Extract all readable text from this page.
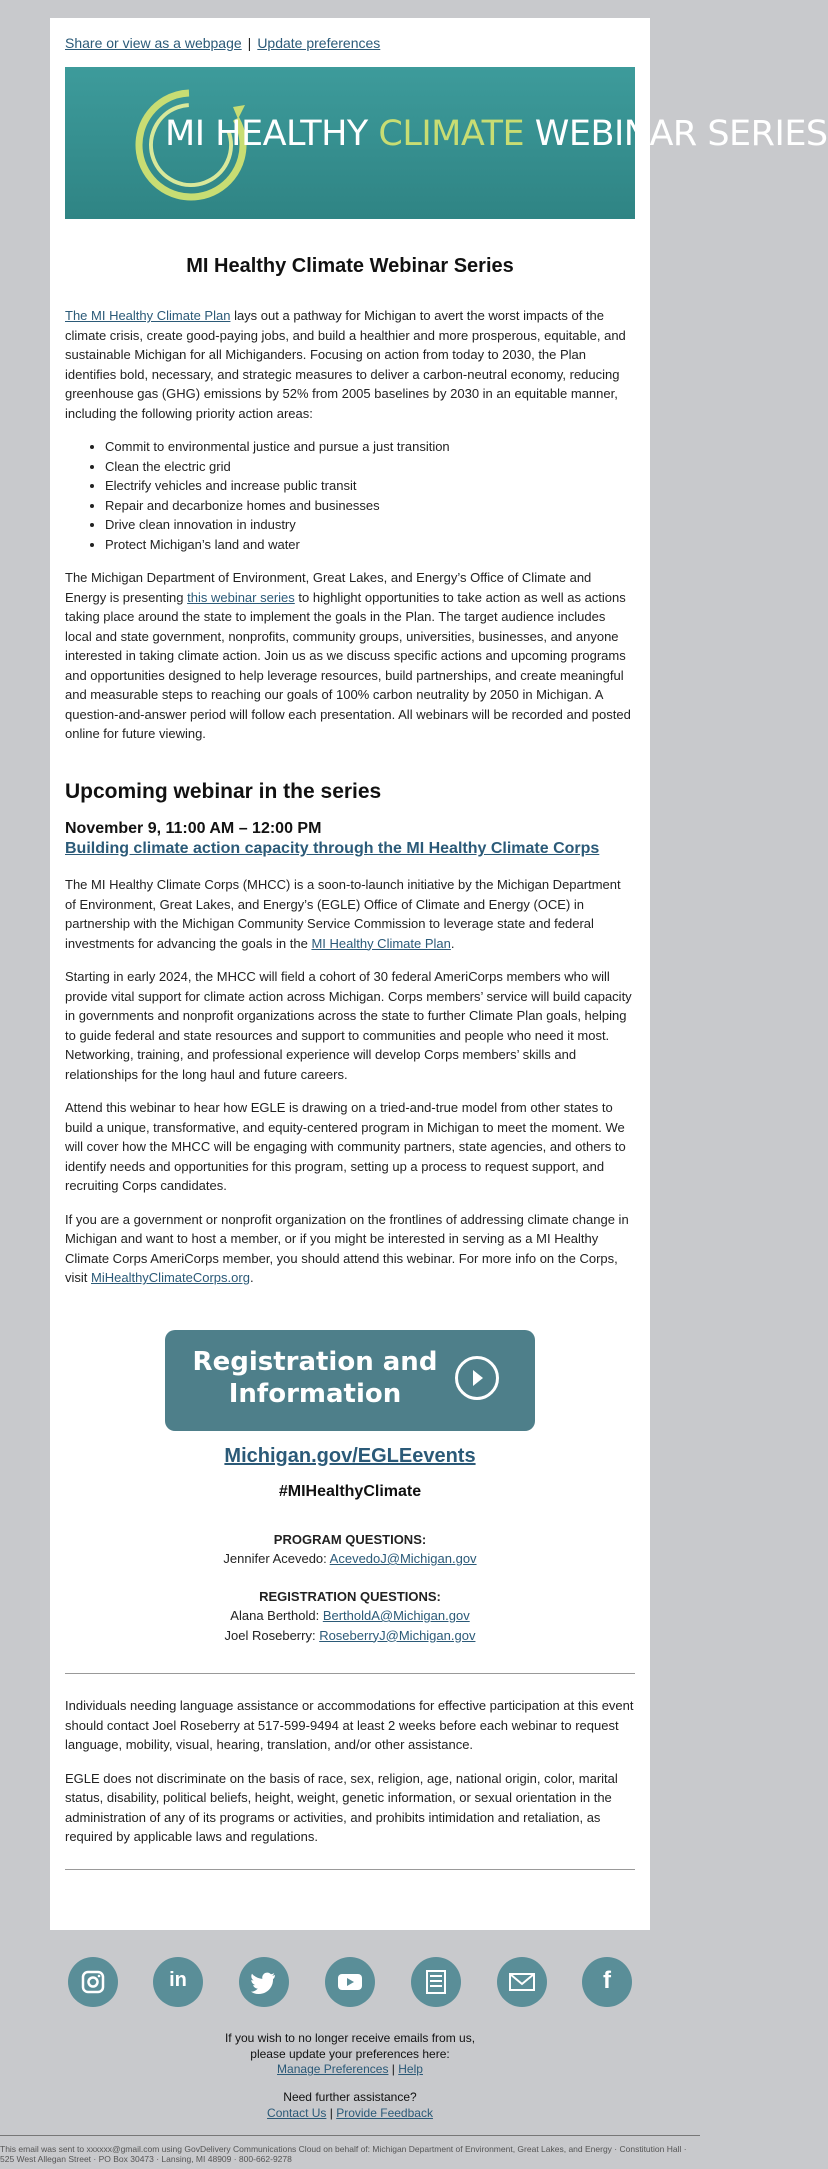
Share or view as a webpage | Update preferences
MI HEALTHY CLIMATE WEBINAR SERIES
MI Healthy Climate Webinar Series

The MI Healthy Climate Plan lays out a pathway for Michigan to avert the worst impacts of the climate crisis, create good-paying jobs, and build a healthier and more prosperous, equitable, and sustainable Michigan for all Michiganders. Focusing on action from today to 2030, the Plan identifies bold, necessary, and strategic measures to deliver a carbon-neutral economy, reducing greenhouse gas (GHG) emissions by 52% from 2005 baselines by 2030 in an equitable manner, including the following priority action areas:

• Commit to environmental justice and pursue a just transition
• Clean the electric grid
• Electrify vehicles and increase public transit
• Repair and decarbonize homes and businesses
• Drive clean innovation in industry
• Protect Michigan’s land and water

The Michigan Department of Environment, Great Lakes, and Energy’s Office of Climate and Energy is presenting this webinar series to highlight opportunities to take action as well as actions taking place around the state to implement the goals in the Plan. The target audience includes local and state government, nonprofits, community groups, universities, businesses, and anyone interested in taking climate action. Join us as we discuss specific actions and upcoming programs and opportunities designed to help leverage resources, build partnerships, and create meaningful and measurable steps to reaching our goals of 100% carbon neutrality by 2050 in Michigan. A question-and-answer period will follow each presentation. All webinars will be recorded and posted online for future viewing.

Upcoming webinar in the series
November 9, 11:00 AM – 12:00 PM
Building climate action capacity through the MI Healthy Climate Corps

The MI Healthy Climate Corps (MHCC) is a soon-to-launch initiative by the Michigan Department of Environment, Great Lakes, and Energy’s (EGLE) Office of Climate and Energy (OCE) in partnership with the Michigan Community Service Commission to leverage state and federal investments for advancing the goals in the MI Healthy Climate Plan.

Starting in early 2024, the MHCC will field a cohort of 30 federal AmeriCorps members who will provide vital support for climate action across Michigan. Corps members’ service will build capacity in governments and nonprofit organizations across the state to further Climate Plan goals, helping to guide federal and state resources and support to communities and people who need it most. Networking, training, and professional experience will develop Corps members’ skills and relationships for the long haul and future careers.

Attend this webinar to hear how EGLE is drawing on a tried-and-true model from other states to build a unique, transformative, and equity-centered program in Michigan to meet the moment. We will cover how the MHCC will be engaging with community partners, state agencies, and others to identify needs and opportunities for this program, setting up a process to request support, and recruiting Corps candidates.

If you are a government or nonprofit organization on the frontlines of addressing climate change in Michigan and want to host a member, or if you might be interested in serving as a MI Healthy Climate Corps AmeriCorps member, you should attend this webinar. For more info on the Corps, visit MiHealthyClimateCorps.org.

Registration and
Information
Michigan.gov/EGLEevents
#MIHealthyClimate
PROGRAM QUESTIONS:
Jennifer Acevedo: AcevedoJ@Michigan.gov
REGISTRATION QUESTIONS:
Alana Berthold: BertholdA@Michigan.gov
Joel Roseberry: RoseberryJ@Michigan.gov

Individuals needing language assistance or accommodations for effective participation at this event should contact Joel Roseberry at 517-599-9494 at least 2 weeks before each webinar to request language, mobility, visual, hearing, translation, and/or other assistance.

EGLE does not discriminate on the basis of race, sex, religion, age, national origin, color, marital status, disability, political beliefs, height, weight, genetic information, or sexual orientation in the administration of any of its programs or activities, and prohibits intimidation and retaliation, as required by applicable laws and regulations.

in	f
If you wish to no longer receive emails from us,
please update your preferences here:
Manage Preferences | Help
Need further assistance?
Contact Us | Provide Feedback
This email was sent to xxxxxx@gmail.com using GovDelivery Communications Cloud on behalf of: Michigan Department of Environment, Great Lakes, and Energy · Constitution Hall · 525 West Allegan Street · PO Box 30473 · Lansing, MI 48909 · 800-662-9278
